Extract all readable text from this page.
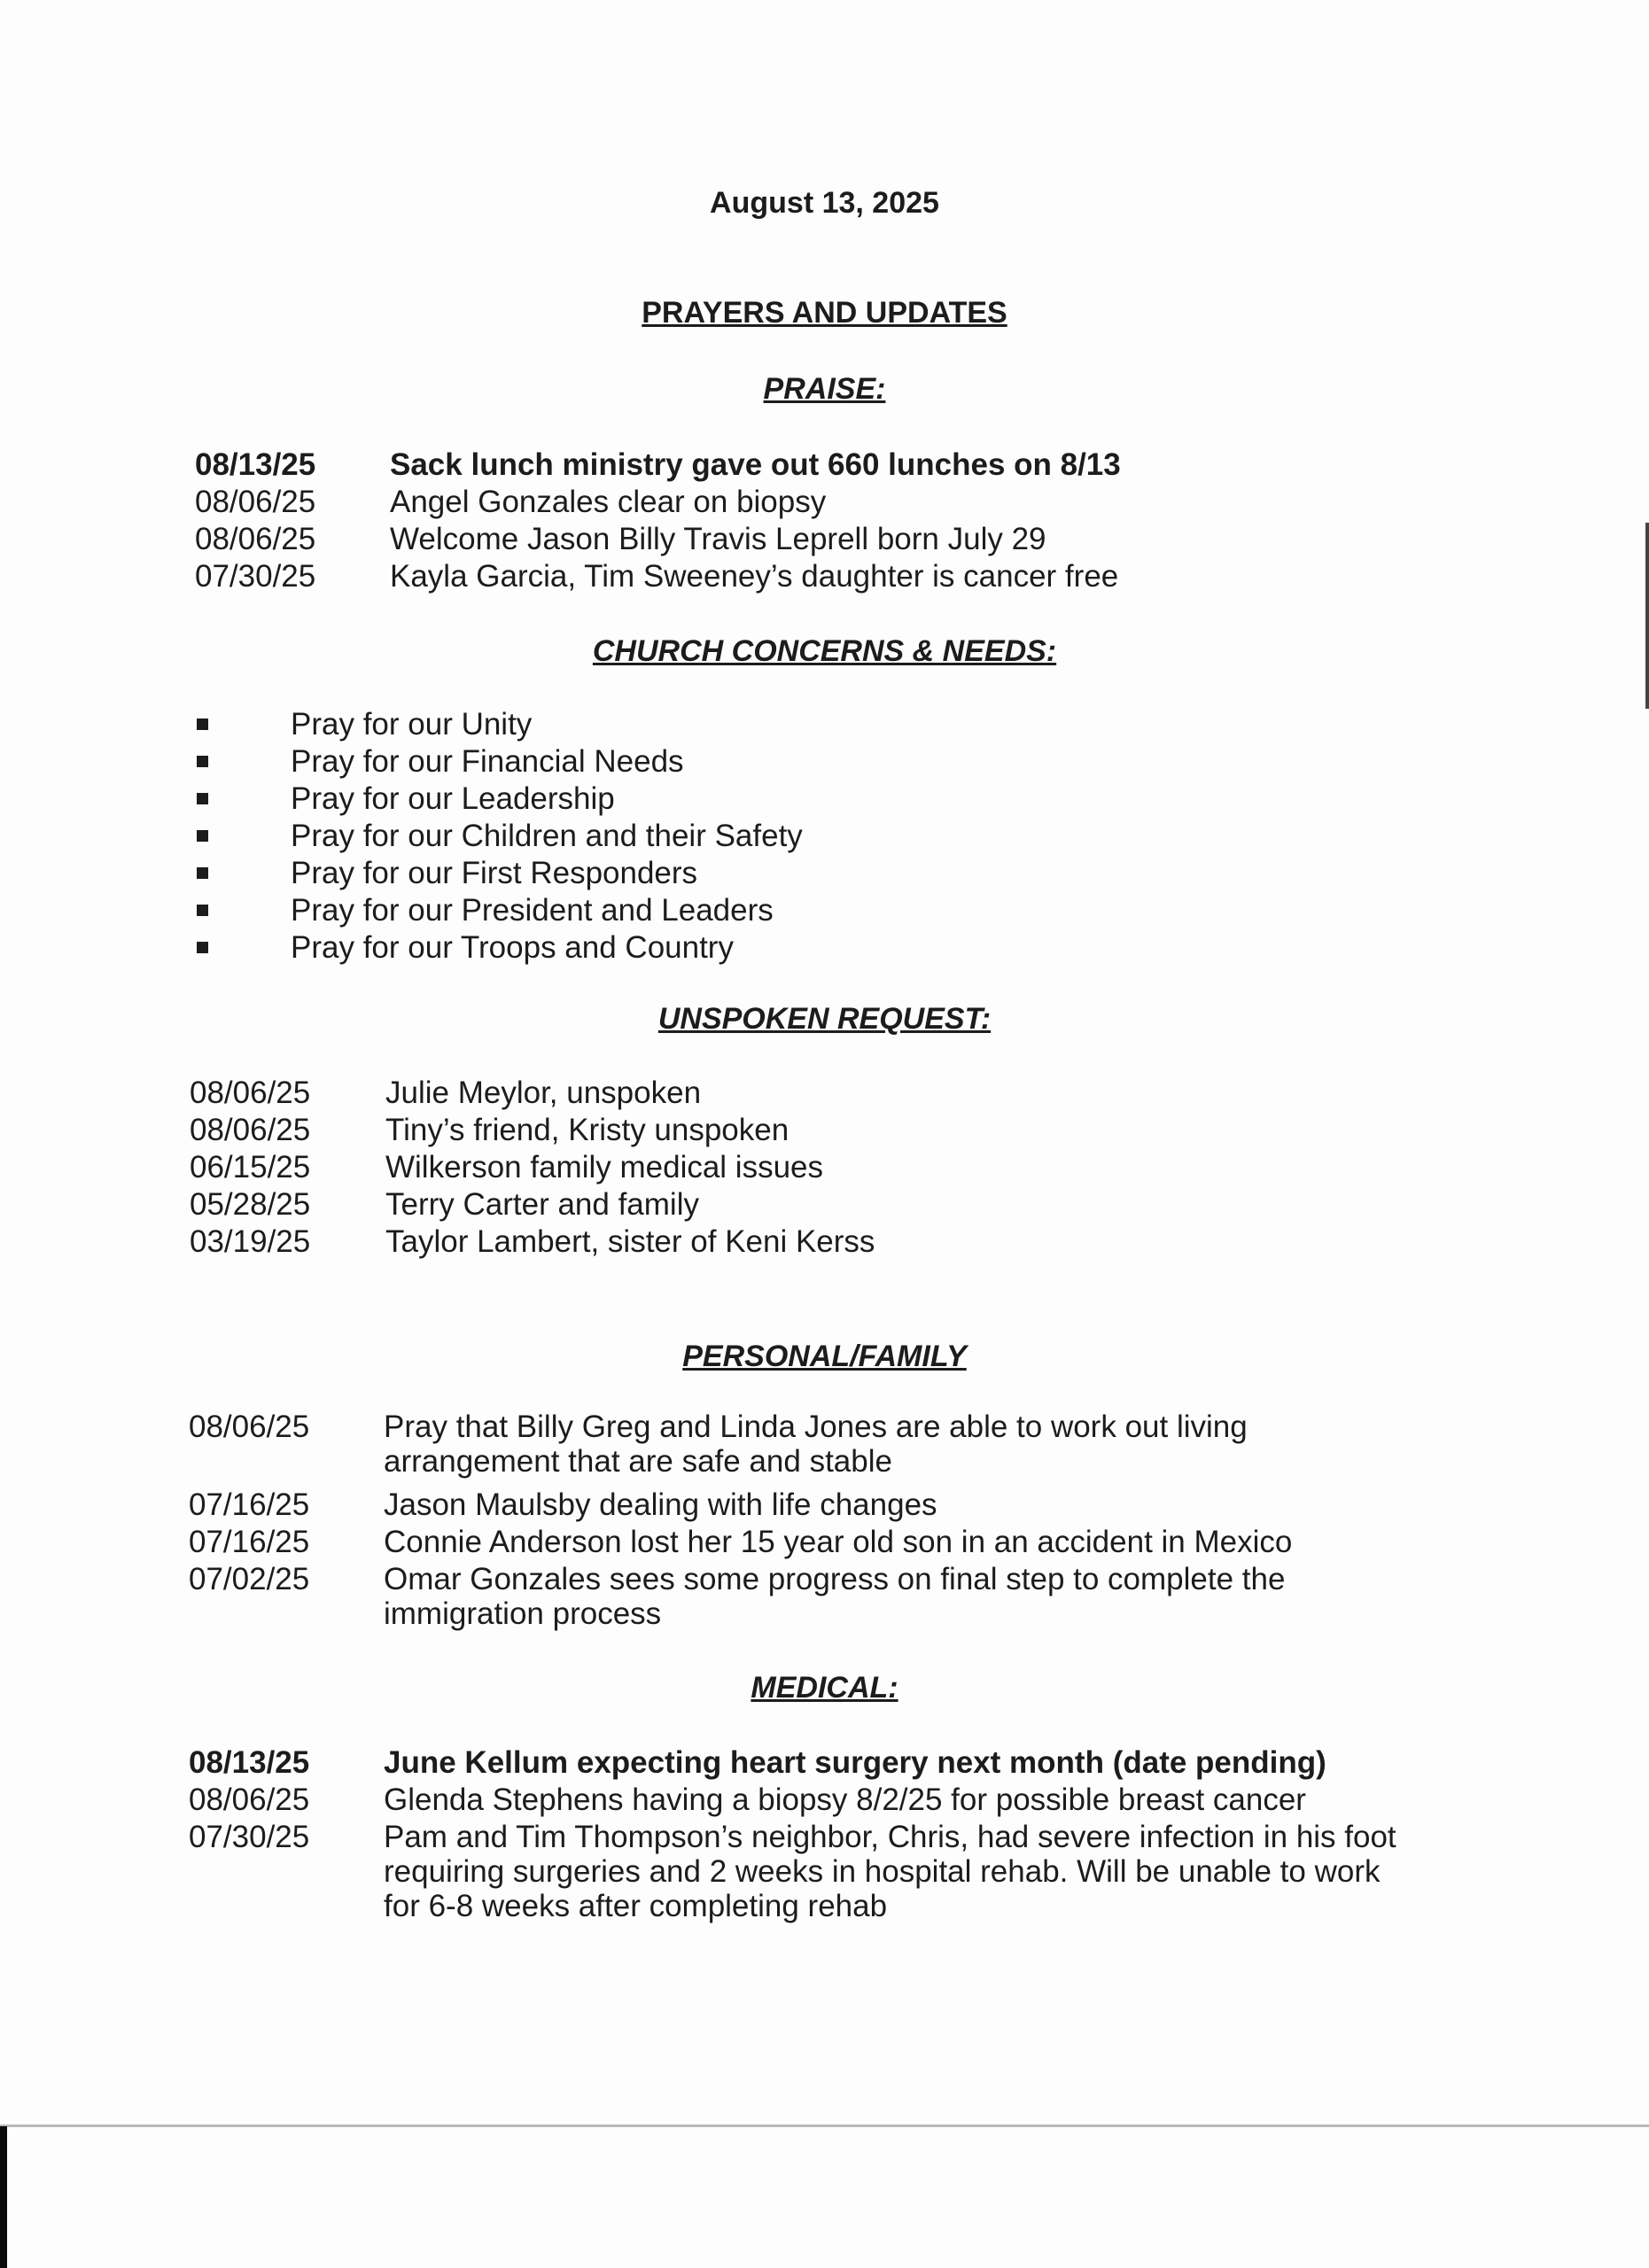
August 13, 2025
PRAYERS AND UPDATES
PRAISE:
08/13/25	Sack lunch ministry gave out 660 lunches on 8/13
08/06/25	Angel Gonzales clear on biopsy
08/06/25	Welcome Jason Billy Travis Leprell born July 29
07/30/25	Kayla Garcia, Tim Sweeney’s daughter is cancer free
CHURCH CONCERNS & NEEDS:
Pray for our Unity
Pray for our Financial Needs
Pray for our Leadership
Pray for our Children and their Safety
Pray for our First Responders
Pray for our President and Leaders
Pray for our Troops and Country
UNSPOKEN REQUEST:
08/06/25	Julie Meylor, unspoken
08/06/25	Tiny’s friend, Kristy unspoken
06/15/25	Wilkerson family medical issues
05/28/25	Terry Carter and family
03/19/25	Taylor Lambert, sister of Keni Kerss
PERSONAL/FAMILY
08/06/25	Pray that Billy Greg and Linda Jones are able to work out living
arrangement that are safe and stable
07/16/25	Jason Maulsby dealing with life changes
07/16/25	Connie Anderson lost her 15 year old son in an accident in Mexico
07/02/25	Omar Gonzales sees some progress on final step to complete the
immigration process
MEDICAL:
08/13/25	June Kellum expecting heart surgery next month (date pending)
08/06/25	Glenda Stephens having a biopsy 8/2/25 for possible breast cancer
07/30/25	Pam and Tim Thompson’s neighbor, Chris, had severe infection in his foot
requiring surgeries and 2 weeks in hospital rehab. Will be unable to work
for 6-8 weeks after completing rehab
